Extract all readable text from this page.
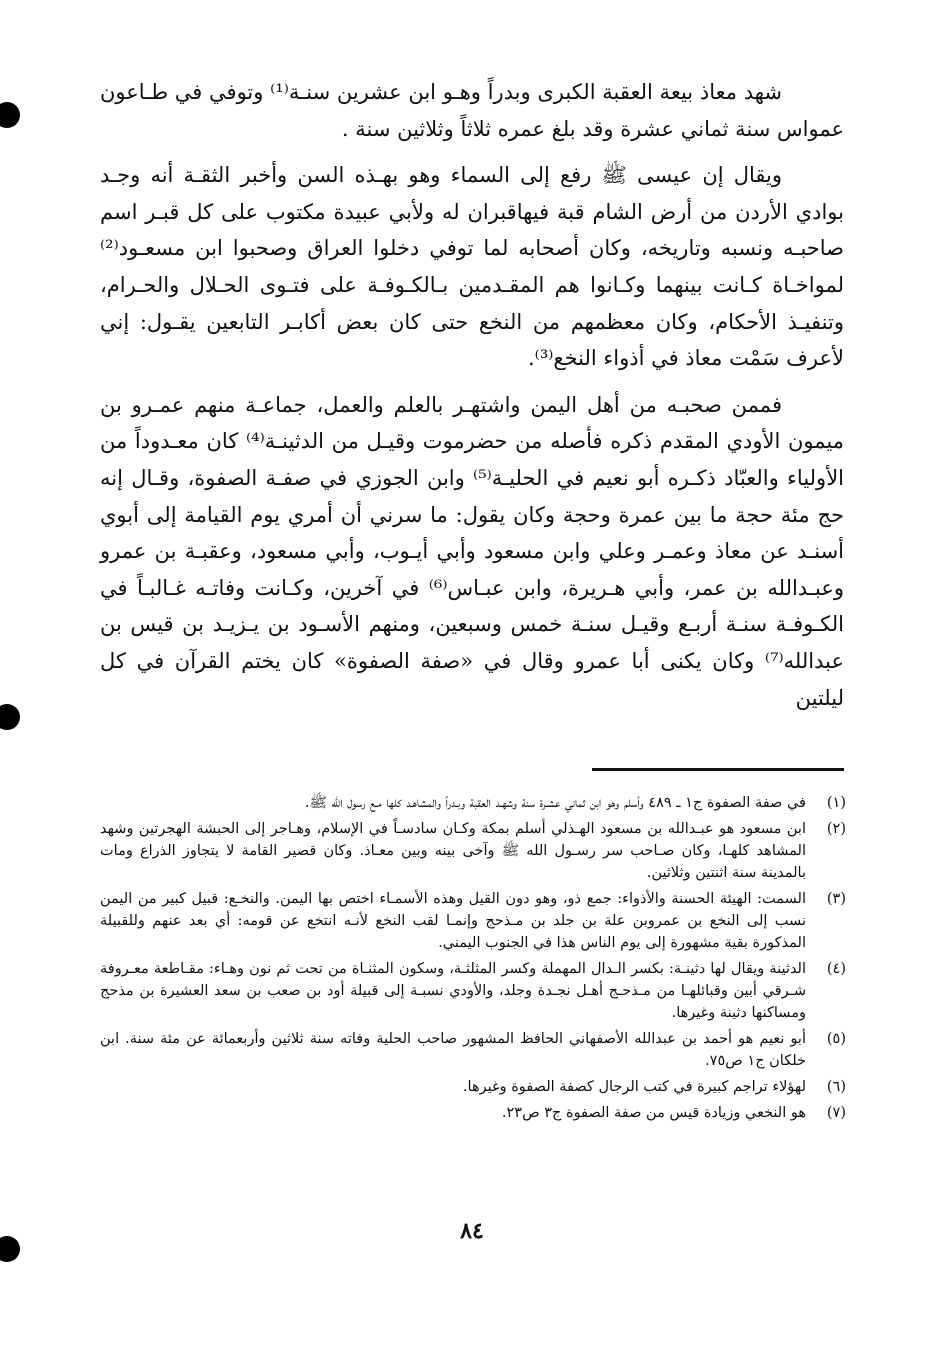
شهد معاذ بيعة العقبة الكبرى وبدراً وهـو ابن عشرين سنـة⁽¹⁾ وتوفي في طـاعون عمواس سنة ثماني عشرة وقد بلغ عمره ثلاثاً وثلاثين سنة .

ويقال إن عيسى ﷺ رفع إلى السماء وهو بهـذه السن وأخبر الثقـة أنه وجـد بوادي الأردن من أرض الشام قبة فيهاقبران له ولأبي عبيدة مكتوب على كل قبـر اسم صاحبـه ونسبه وتاريخه، وكان أصحابه لما توفي دخلوا العراق وصحبوا ابن مسعـود⁽²⁾ لمواخـاة كـانت بينهما وكـانوا هم المقـدمين بـالكـوفـة على فتـوى الحـلال والحـرام، وتنفيـذ الأحكام، وكان معظمهم من النخع حتى كان بعض أكابـر التابعين يقـول: إني لأعرف سَمْت معاذ في أذواء النخع⁽³⁾.

فممن صحبـه من أهل اليمن واشتهـر بالعلم والعمل، جماعـة منهم عمـرو بن ميمون الأودي المقدم ذكره فأصله من حضرموت وقيـل من الدثينـة⁽⁴⁾ كان معـدوداً من الأولياء والعبّاد ذكـره أبو نعيم في الحليـة⁽⁵⁾ وابن الجوزي في صفـة الصفوة، وقـال إنه حج مئة حجة ما بين عمرة وحجة وكان يقول: ما سرني أن أمري يوم القيامة إلى أبوي أسنـد عن معاذ وعمـر وعلي وابن مسعود وأبي أيـوب، وأبي مسعود، وعقبـة بن عمرو وعبـدالله بن عمر، وأبي هـريرة، وابن عبـاس⁽⁶⁾ في آخرين، وكـانت وفاتـه غـالبـاً في الكـوفـة سنـة أربـع وقيـل سنـة خمس وسبعين، ومنهم الأسـود بن يـزيـد بن قيس بن عبدالله⁽⁷⁾ وكان يكنى أبا عمرو وقال في «صفة الصفوة» كان يختم القرآن في كل ليلتين

(١)
في صفة الصفوة ج١ ـ ٤٨٩ وأسلم وهو ابن ثماني عشـرة سنة وشهـد العقبة وبـدراً والمشاهـد كلها مـع رسول الله ﷺ.
(٢)
ابن مسعود هو عبـدالله بن مسعود الهـذلي أسلم بمكة وكـان سادسـاً في الإسلام، وهـاجر إلى الحبشة الهجرتين وشهد المشاهد كلهـا، وكان صـاحب سر رسـول الله ﷺ وآخى بينه وبين معـاذ. وكان قصير القامة لا يتجاوز الذراع ومات بالمدينة سنة اثنتين وثلاثين.
(٣)
السمت: الهيئة الحسنة والأذواء: جمع ذو، وهو دون القيل وهذه الأسمـاء اختص بها اليمن. والنخـع: قبيل كبير من اليمن نسب إلى النخع بن عمروبن علة بن جلد بن مـذحج وإنمـا لقب النخع لأنـه انتخع عن قومه: أي بعد عنهم وللقبيلة المذكورة بقية مشهورة إلى يوم الناس هذا في الجنوب اليمني.
(٤)
الدثينة ويقال لها دثينـة: بكسر الـدال المهملة وكسر المثلثـة، وسكون المثنـاة من تحت ثم نون وهـاء: مقـاطعة معـروفة شـرقي أبين وقبائلهـا من مـذحـج أهـل نجـدة وجلد، والأودي نسبـة إلى قبيلة أود بن صعب بن سعد العشيرة بن مذحج ومساكنها دثينة وغيرها.
(٥)
أبو نعيم هو أحمد بن عبدالله الأصفهاني الحافظ المشهور صاحب الحلية وفاته سنة ثلاثين وأربعمائة عن مئة سنة. ابن خلكان ج١ ص٧٥.
(٦)
لهؤلاء تراجم كبيرة في كتب الرجال كصفة الصفوة وغيرها.
(٧)
هو النخعي وزيادة قيس من صفة الصفوة ج٣ ص٢٣.
٨٤
